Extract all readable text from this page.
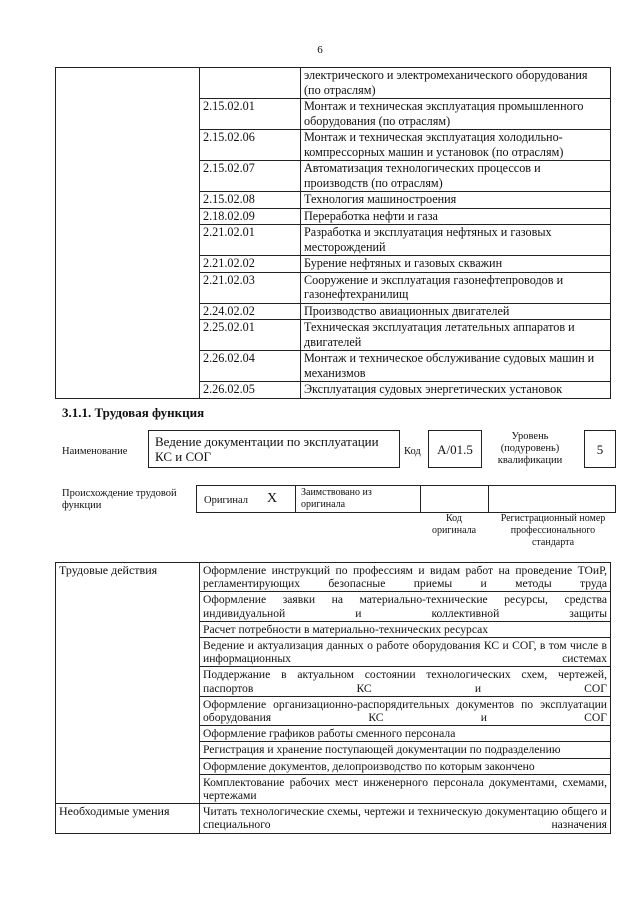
6
		электрического и электромеханического оборудования (по отраслям)
	2.15.02.01	Монтаж и техническая эксплуатация промышленного оборудования (по отраслям)
	2.15.02.06	Монтаж и техническая эксплуатация холодильно-компрессорных машин и установок (по отраслям)
	2.15.02.07	Автоматизация технологических процессов и производств (по отраслям)
	2.15.02.08	Технология машиностроения
	2.18.02.09	Переработка нефти и газа
	2.21.02.01	Разработка и эксплуатация нефтяных и газовых месторождений
	2.21.02.02	Бурение нефтяных и газовых скважин
	2.21.02.03	Сооружение и эксплуатация газонефтепроводов и газонефтехранилищ
	2.24.02.02	Производство авиационных двигателей
	2.25.02.01	Техническая эксплуатация летательных аппаратов и двигателей
	2.26.02.04	Монтаж и техническое обслуживание судовых машин и механизмов
	2.26.02.05	Эксплуатация судовых энергетических установок
3.1.1. Трудовая функция
Наименование
Ведение документации по эксплуатации КС и СОГ	Код	А/01.5
Уровень (подуровень) квалификации
5
Происхождение трудовой функции	Оригинал X Заимствовано из оригинала
Код оригинала
Регистрационный номер профессионального стандарта
Трудовые действия	Оформление инструкций по профессиям и видам работ на проведение ТОиР, регламентирующих безопасные приемы и методы труда
	Оформление заявки на материально-технические ресурсы, средства индивидуальной и коллективной защиты
	Расчет потребности в материально-технических ресурсах
	Ведение и актуализация данных о работе оборудования КС и СОГ, в том числе в информационных системах
	Поддержание в актуальном состоянии технологических схем, чертежей, паспортов КС и СОГ
	Оформление организационно-распорядительных документов по эксплуатации оборудования КС и СОГ
	Оформление графиков работы сменного персонала
	Регистрация и хранение поступающей документации по подразделению
	Оформление документов, делопроизводство по которым закончено
	Комплектование рабочих мест инженерного персонала документами, схемами, чертежами
Необходимые умения	Читать технологические схемы, чертежи и техническую документацию общего и специального назначения
